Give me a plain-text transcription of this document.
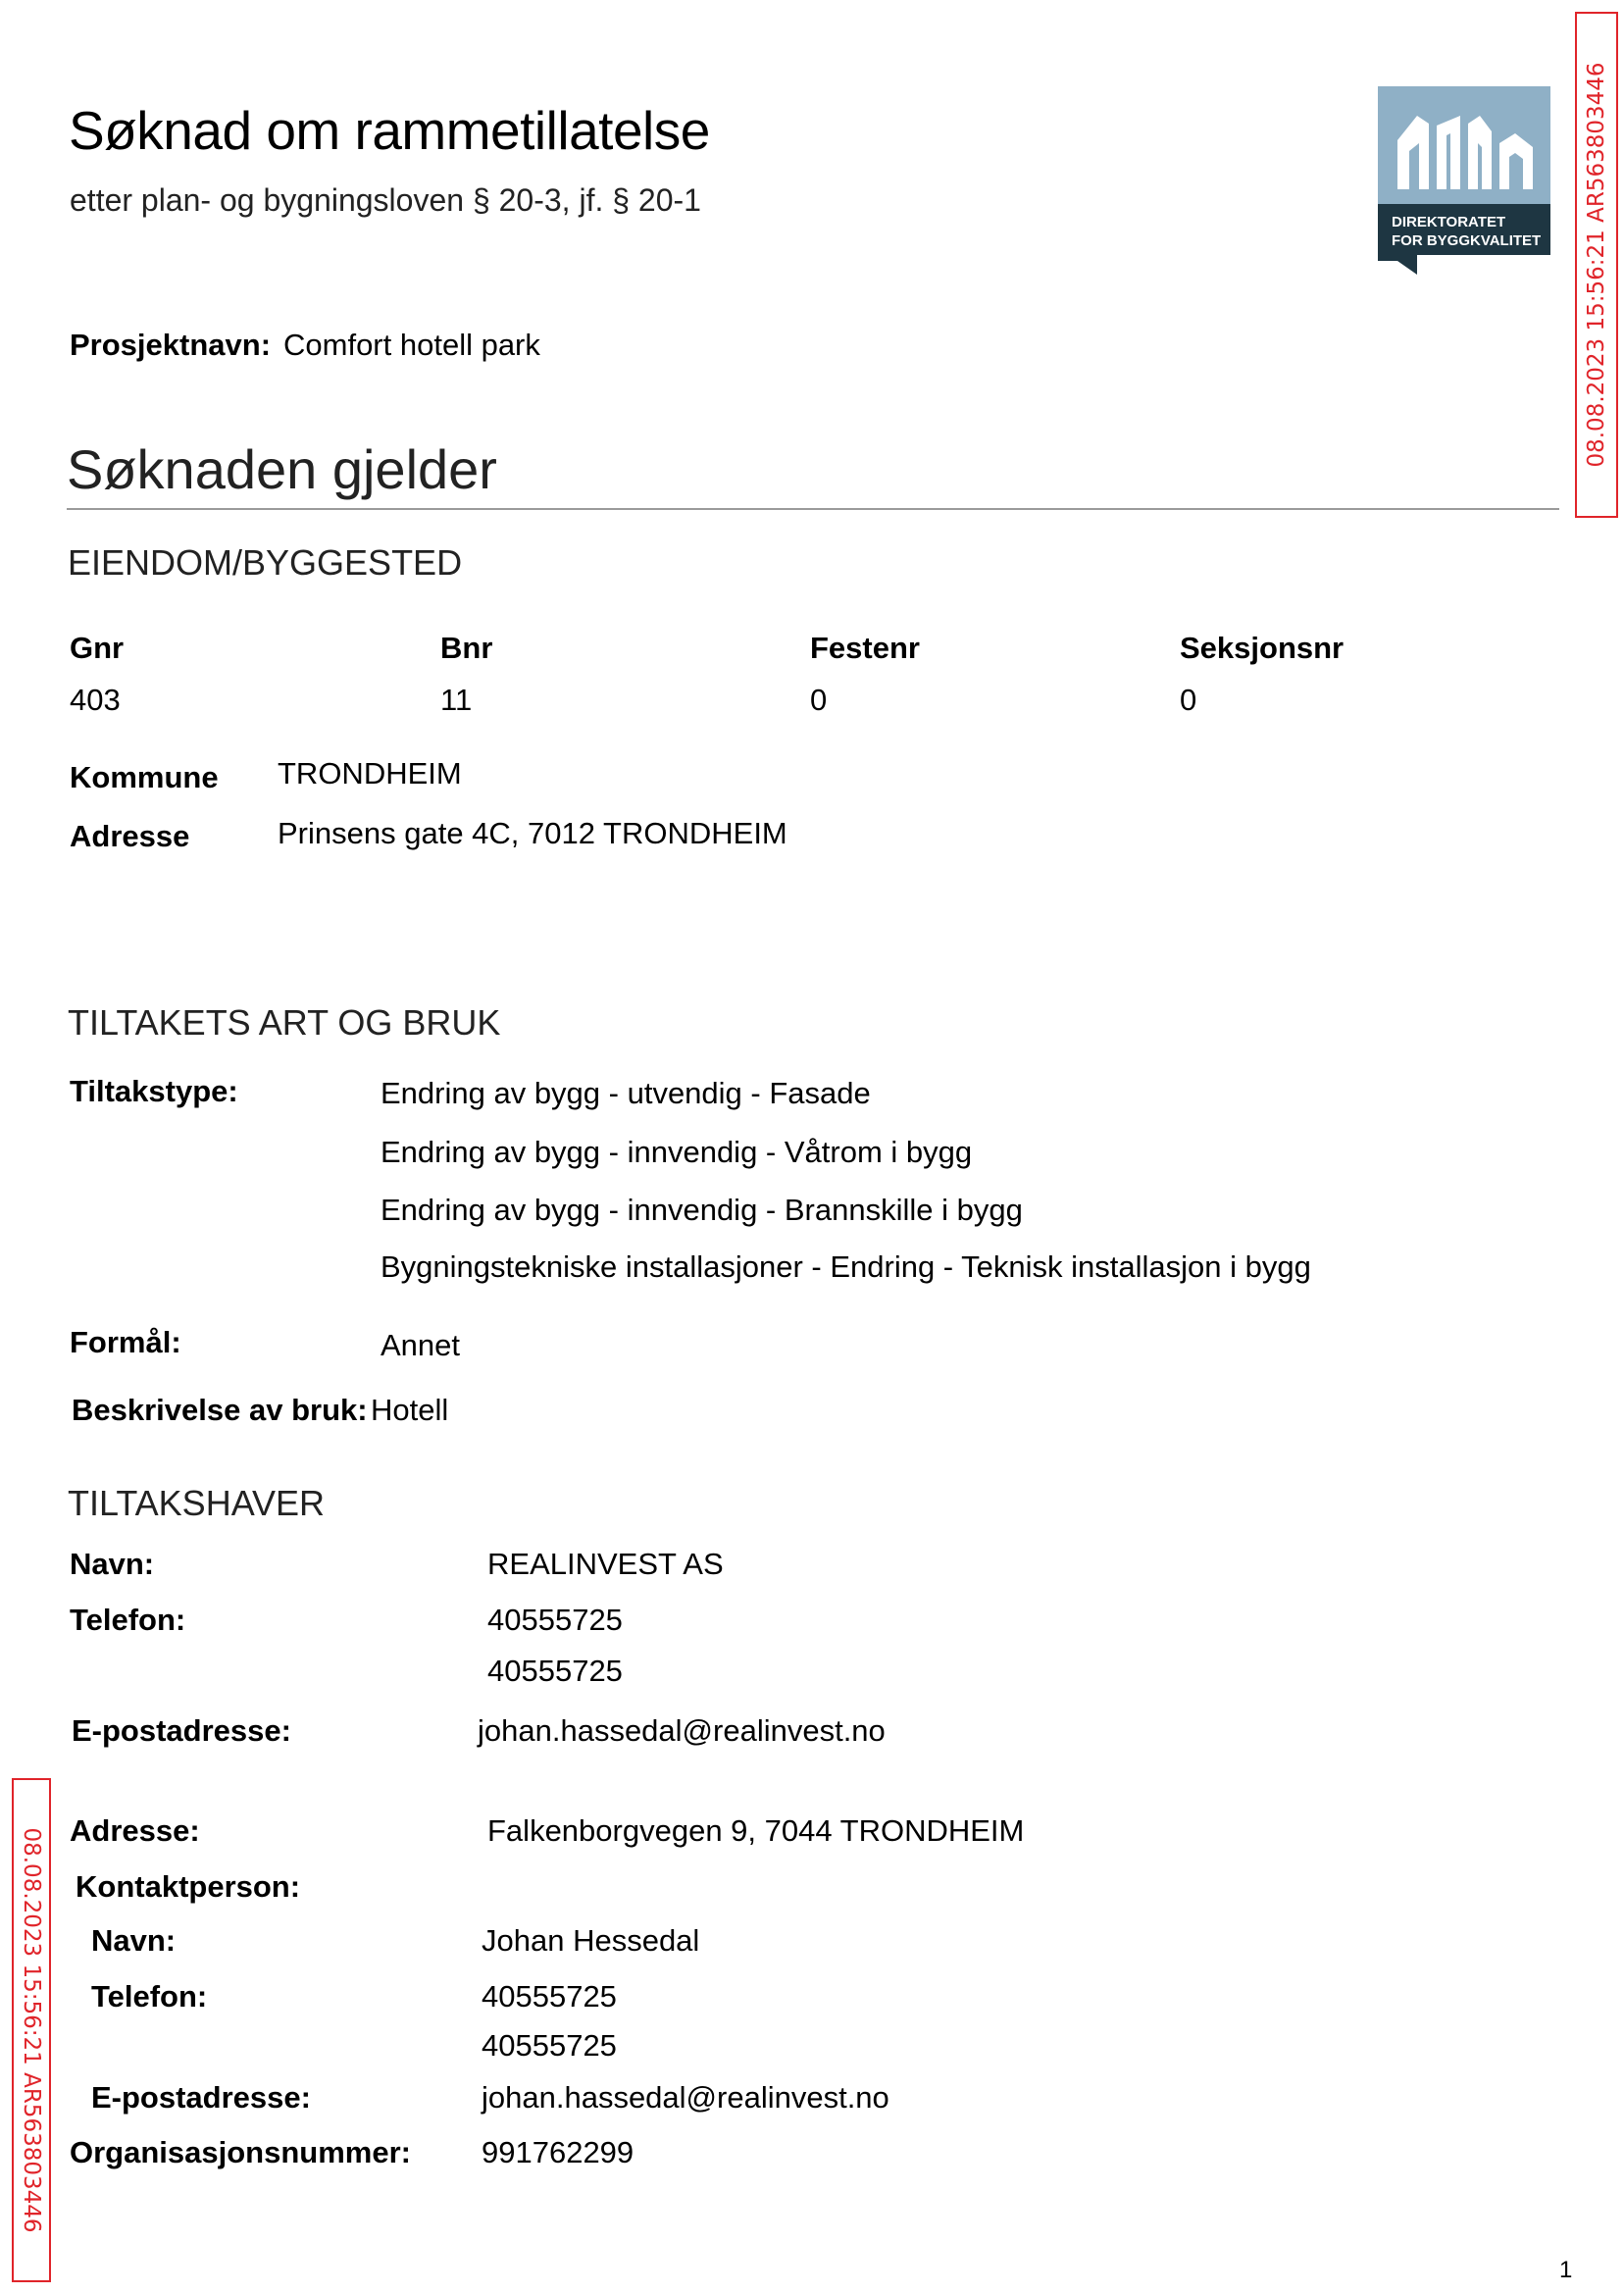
Søknad om rammetillatelse
etter plan- og bygningsloven § 20-3, jf. § 20-1
DIREKTORATET
FOR BYGGKVALITET 08.08.2023 15:56:21 AR563803446
08.08.2023 15:56:21 AR563803446
Prosjektnavn: Comfort hotell park
Søknaden gjelder
EIENDOM/BYGGESTED
Gnr	Bnr	Festenr	Seksjonsnr
403	11	0	0
Kommune TRONDHEIM
Adresse	Prinsens gate 4C, 7012 TRONDHEIM
TILTAKETS ART OG BRUK
Tiltakstype:	Endring av bygg - utvendig - Fasade
Endring av bygg - innvendig - Våtrom i bygg
Endring av bygg - innvendig - Brannskille i bygg
Bygningstekniske installasjoner - Endring - Teknisk installasjon i bygg
Formål:	Annet
Beskrivelse av bruk: Hotell
TILTAKSHAVER
Navn:	REALINVEST AS
Telefon:	40555725
40555725
E-postadresse:	johan.hassedal@realinvest.no
Adresse:	Falkenborgvegen 9, 7044 TRONDHEIM
Kontaktperson:
Navn:	Johan Hessedal
Telefon:	40555725
40555725
E-postadresse:	johan.hassedal@realinvest.no
Organisasjonsnummer: 991762299
1
